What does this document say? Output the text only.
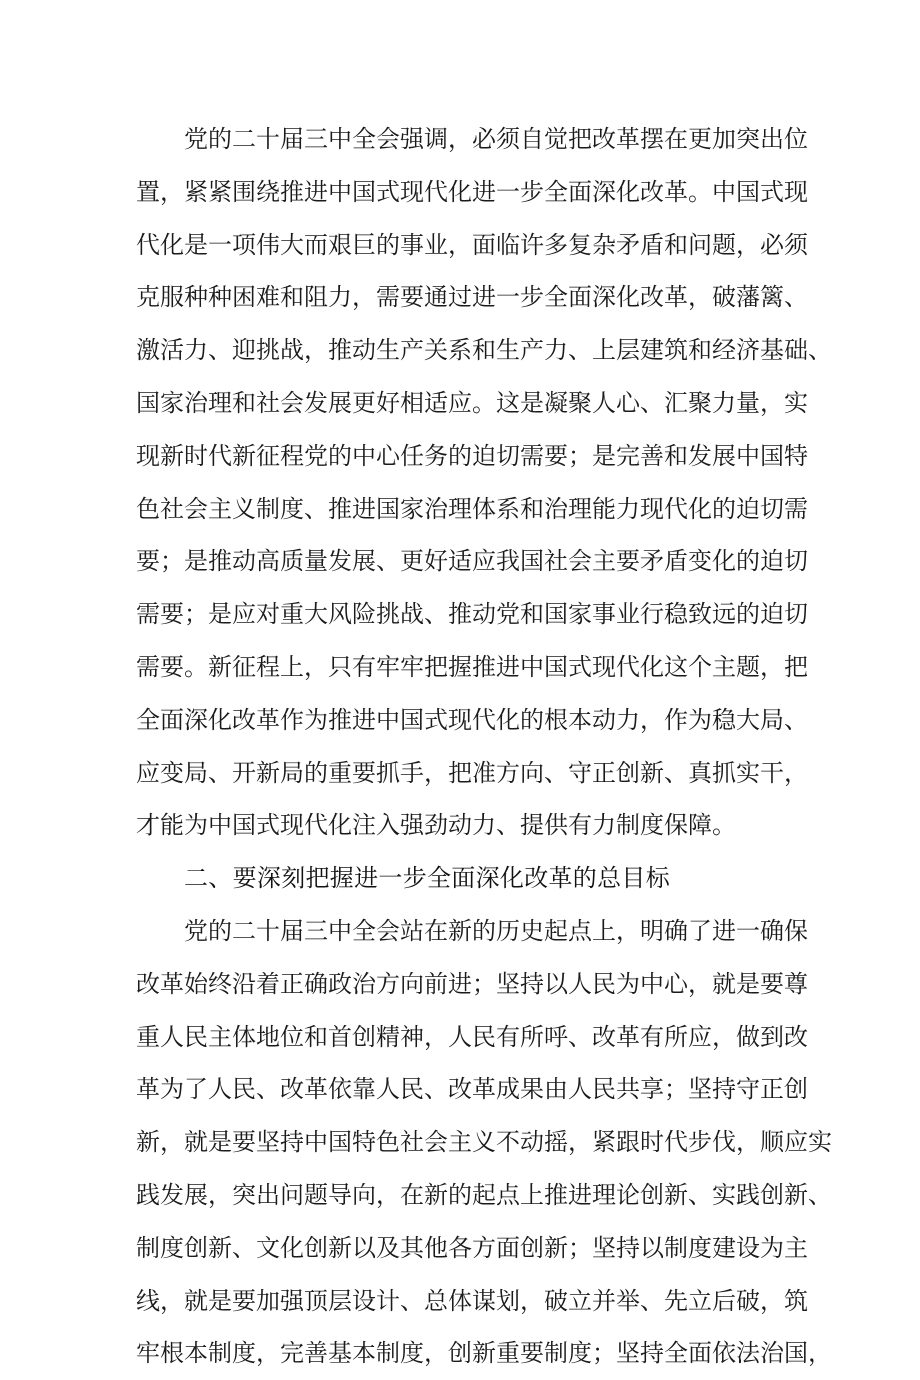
党的二十届三中全会强调，必须自觉把改革摆在更加突出位
置，紧紧围绕推进中国式现代化进一步全面深化改革。中国式现
代化是一项伟大而艰巨的事业，面临许多复杂矛盾和问题，必须
克服种种困难和阻力，需要通过进一步全面深化改革，破藩篱、
激活力、迎挑战，推动生产关系和生产力、上层建筑和经济基础、
国家治理和社会发展更好相适应。这是凝聚人心、汇聚力量，实
现新时代新征程党的中心任务的迫切需要；是完善和发展中国特
色社会主义制度、推进国家治理体系和治理能力现代化的迫切需
要；是推动高质量发展、更好适应我国社会主要矛盾变化的迫切
需要；是应对重大风险挑战、推动党和国家事业行稳致远的迫切
需要。新征程上，只有牢牢把握推进中国式现代化这个主题，把
全面深化改革作为推进中国式现代化的根本动力，作为稳大局、
应变局、开新局的重要抓手，把准方向、守正创新、真抓实干，
才能为中国式现代化注入强劲动力、提供有力制度保障。
二、要深刻把握进一步全面深化改革的总目标
党的二十届三中全会站在新的历史起点上，明确了进一确保
改革始终沿着正确政治方向前进；坚持以人民为中心，就是要尊
重人民主体地位和首创精神，人民有所呼、改革有所应，做到改
革为了人民、改革依靠人民、改革成果由人民共享；坚持守正创
新，就是要坚持中国特色社会主义不动摇，紧跟时代步伐，顺应实
践发展，突出问题导向，在新的起点上推进理论创新、实践创新、
制度创新、文化创新以及其他各方面创新；坚持以制度建设为主
线，就是要加强顶层设计、总体谋划，破立并举、先立后破，筑
牢根本制度，完善基本制度，创新重要制度；坚持全面依法治国，
